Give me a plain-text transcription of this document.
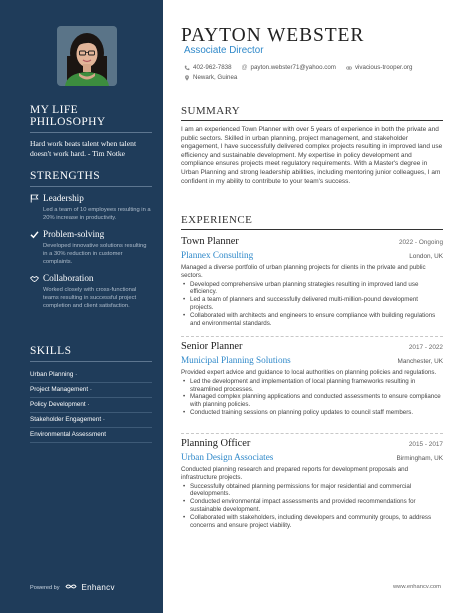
MY LIFE PHILOSOPHY
Hard work beats talent when talent doesn't work hard. - Tim Notke
STRENGTHS
Leadership
Led a team of 10 employees resulting in a 20% increase in productivity.
Problem-solving
Developed innovative solutions resulting in a 30% reduction in customer complaints.
Collaboration
Worked closely with cross-functional teams resulting in successful project completion and client satisfaction.
SKILLS
Urban Planning ·
Project Management ·
Policy Development ·
Stakeholder Engagement ·
Environmental Assessment
Powered by	Enhancv
PAYTON WEBSTER
Associate Director
402-962-7838 @ payton.webster71@yahoo.com	vivacious-trooper.org
Newark, Guinea
SUMMARY
I am an experienced Town Planner with over 5 years of experience in both the private and public sectors. Skilled in urban planning, project management, and stakeholder engagement, I have successfully delivered complex projects resulting in improved land use efficiency and sustainable development. My expertise in policy development and compliance ensures projects meet regulatory requirements. With a Master's degree in Urban Planning and strong leadership abilities, including mentoring junior colleagues, I am confident in my ability to contribute to your team's success.
EXPERIENCE
Town Planner	2022 - Ongoing
Plannex Consulting	London, UK
Managed a diverse portfolio of urban planning projects for clients in the private and public sectors.
• Developed comprehensive urban planning strategies resulting in improved land use efficiency.
• Led a team of planners and successfully delivered multi-million-pound development projects.
• Collaborated with architects and engineers to ensure compliance with building regulations and environmental standards.
Senior Planner	2017 - 2022
Municipal Planning Solutions	Manchester, UK
Provided expert advice and guidance to local authorities on planning policies and regulations.
• Led the development and implementation of local planning frameworks resulting in streamlined processes.
• Managed complex planning applications and conducted assessments to ensure compliance with planning policies.
• Conducted training sessions on planning policy updates to council staff members.
Planning Officer	2015 - 2017
Urban Design Associates	Birmingham, UK
Conducted planning research and prepared reports for development proposals and infrastructure projects.
• Successfully obtained planning permissions for major residential and commercial developments.
• Conducted environmental impact assessments and provided recommendations for sustainable development.
• Collaborated with stakeholders, including developers and community groups, to address concerns and ensure project viability.
www.enhancv.com
